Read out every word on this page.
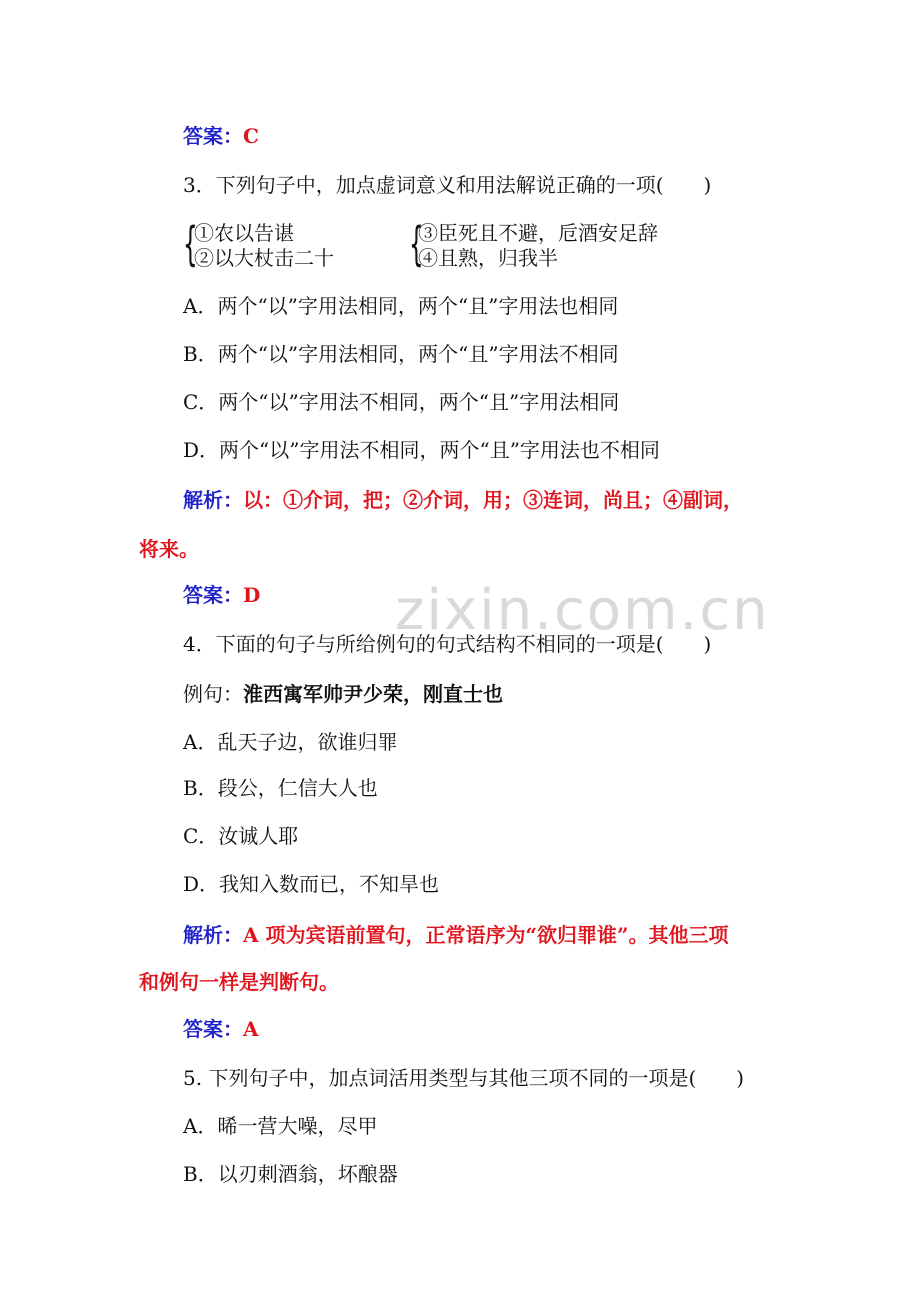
zixin.com.cn
答案：C
3．下列句子中，加点虚词意义和用法解说正确的一项(　　)
{
①农以告谌
②以大杖击二十 {
③臣死且不避，卮酒安足辞
④且熟，归我半
A．两个“以”字用法相同，两个“且”字用法也相同
B．两个“以”字用法相同，两个“且”字用法不相同
C．两个“以”字用法不相同，两个“且”字用法相同
D．两个“以”字用法不相同，两个“且”字用法也不相同
解析：以：①介词，把；②介词，用；③连词，尚且；④副词，
将来。
答案：D
4．下面的句子与所给例句的句式结构不相同的一项是(　　)
例句：淮西寓军帅尹少荣，刚直士也
A．乱天子边，欲谁归罪
B．段公，仁信大人也
C．汝诚人耶
D．我知入数而已，不知旱也
解析：A 项为宾语前置句，正常语序为“欲归罪谁”。其他三项
和例句一样是判断句。
答案：A
5. 下列句子中，加点词活用类型与其他三项不同的一项是(　　)
A．晞一营大噪，尽甲
B．以刃刺酒翁，坏酿器
